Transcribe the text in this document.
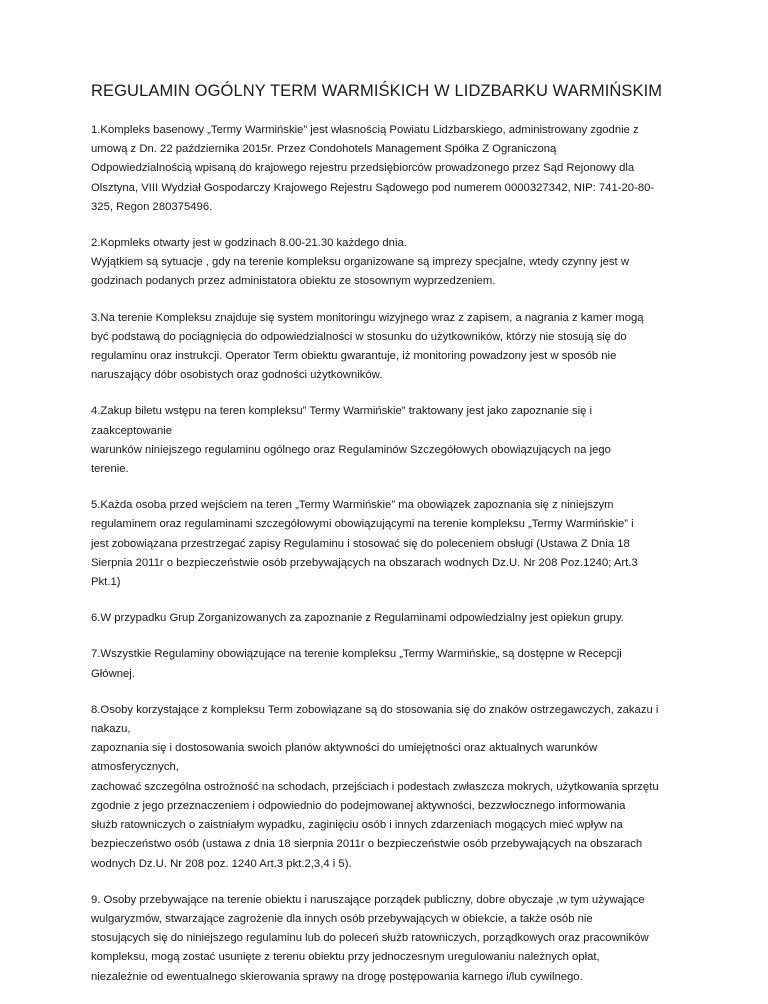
REGULAMIN OGÓLNY TERM WARMIŚKICH W LIDZBARKU WARMIŃSKIM

1.Kompleks basenowy „Termy Warmińskie” jest własnością Powiatu Lidzbarskiego, administrowany zgodnie z
umową z Dn. 22 października 2015r. Przez Condohotels Management Spółka Z Ograniczoną
Odpowiedzialnością wpisaną do krajowego rejestru przedsiębiorców prowadzonego przez Sąd Rejonowy dla
Olsztyna, VIII Wydział Gospodarczy Krajowego Rejestru Sądowego pod numerem 0000327342, NIP: 741-20-80-
325, Regon 280375496.

2.Kopmleks otwarty jest w godzinach 8.00-21.30 każdego dnia.
Wyjątkiem są sytuacje , gdy na terenie kompleksu organizowane są imprezy specjalne, wtedy czynny jest w
godzinach podanych przez administatora obiektu ze stosownym wyprzedzeniem.

3.Na terenie Kompleksu znajduje się system monitoringu wizyjnego wraz z zapisem, a nagrania z kamer mogą
być podstawą do pociągnięcia do odpowiedzialności w stosunku do użytkowników, którzy nie stosują się do
regulaminu oraz instrukcji. Operator Term obiektu gwarantuje, iż monitoring powadzony jest w sposób nie
naruszający dóbr osobistych oraz godności użytkowników.

4.Zakup biletu wstępu na teren kompleksu” Termy Warmińskie” traktowany jest jako zapoznanie się i
zaakceptowanie
warunków niniejszego regulaminu ogólnego oraz Regulaminów Szczegółowych obowiązujących na jego
terenie.

5.Każda osoba przed wejściem na teren „Termy Warmińskie” ma obowiązek zapoznania się z niniejszym
regulaminem oraz regulaminami szczegółowymi obowiązującymi na terenie kompleksu „Termy Warmińskie” i
jest zobowiązana przestrzegać zapisy Regulaminu i stosować się do poleceniem obsługi (Ustawa Z Dnia 18
Sierpnia 2011r o bezpieczeństwie osób przebywających na obszarach wodnych Dz.U. Nr 208 Poz.1240; Art.3
Pkt.1)

6.W przypadku Grup Zorganizowanych za zapoznanie z Regulaminami odpowiedzialny jest opiekun grupy.

7.Wszystkie Regulaminy obowiązujące na terenie kompleksu „Termy Warmińskie„ są dostępne w Recepcji
Głównej.

8.Osoby korzystające z kompleksu Term zobowiązane są do stosowania się do znaków ostrzegawczych, zakazu i
nakazu,
zapoznania się i dostosowania swoich planów aktywności do umiejętności oraz aktualnych warunków
atmosferycznych,
zachować szczególna ostrożność na schodach, przejściach i podestach zwłaszcza mokrych, użytkowania sprzętu
zgodnie z jego przeznaczeniem i odpowiednio do podejmowanej aktywności, bezzwłocznego informowania
służb ratowniczych o zaistniałym wypadku, zaginięciu osób i innych zdarzeniach mogących mieć wpływ na
bezpieczeństwo osób (ustawa z dnia 18 sierpnia 2011r o bezpieczeństwie osób przebywających na obszarach
wodnych Dz.U. Nr 208 poz. 1240 Art.3 pkt.2,3,4 i 5).

9. Osoby przebywające na terenie obiektu i naruszające porządek publiczny, dobre obyczaje ,w tym używające
wulgaryzmów, stwarzające zagrożenie dla innych osób przebywających w obiekcie, a także osób nie
stosujących się do niniejszego regulaminu lub do poleceń służb ratowniczych, porządkowych oraz pracowników
kompleksu, mogą zostać usunięte z terenu obiektu przy jednoczesnym uregulowaniu należnych opłat,
niezależnie od ewentualnego skierowania sprawy na drogę postępowania karnego i/lub cywilnego.
